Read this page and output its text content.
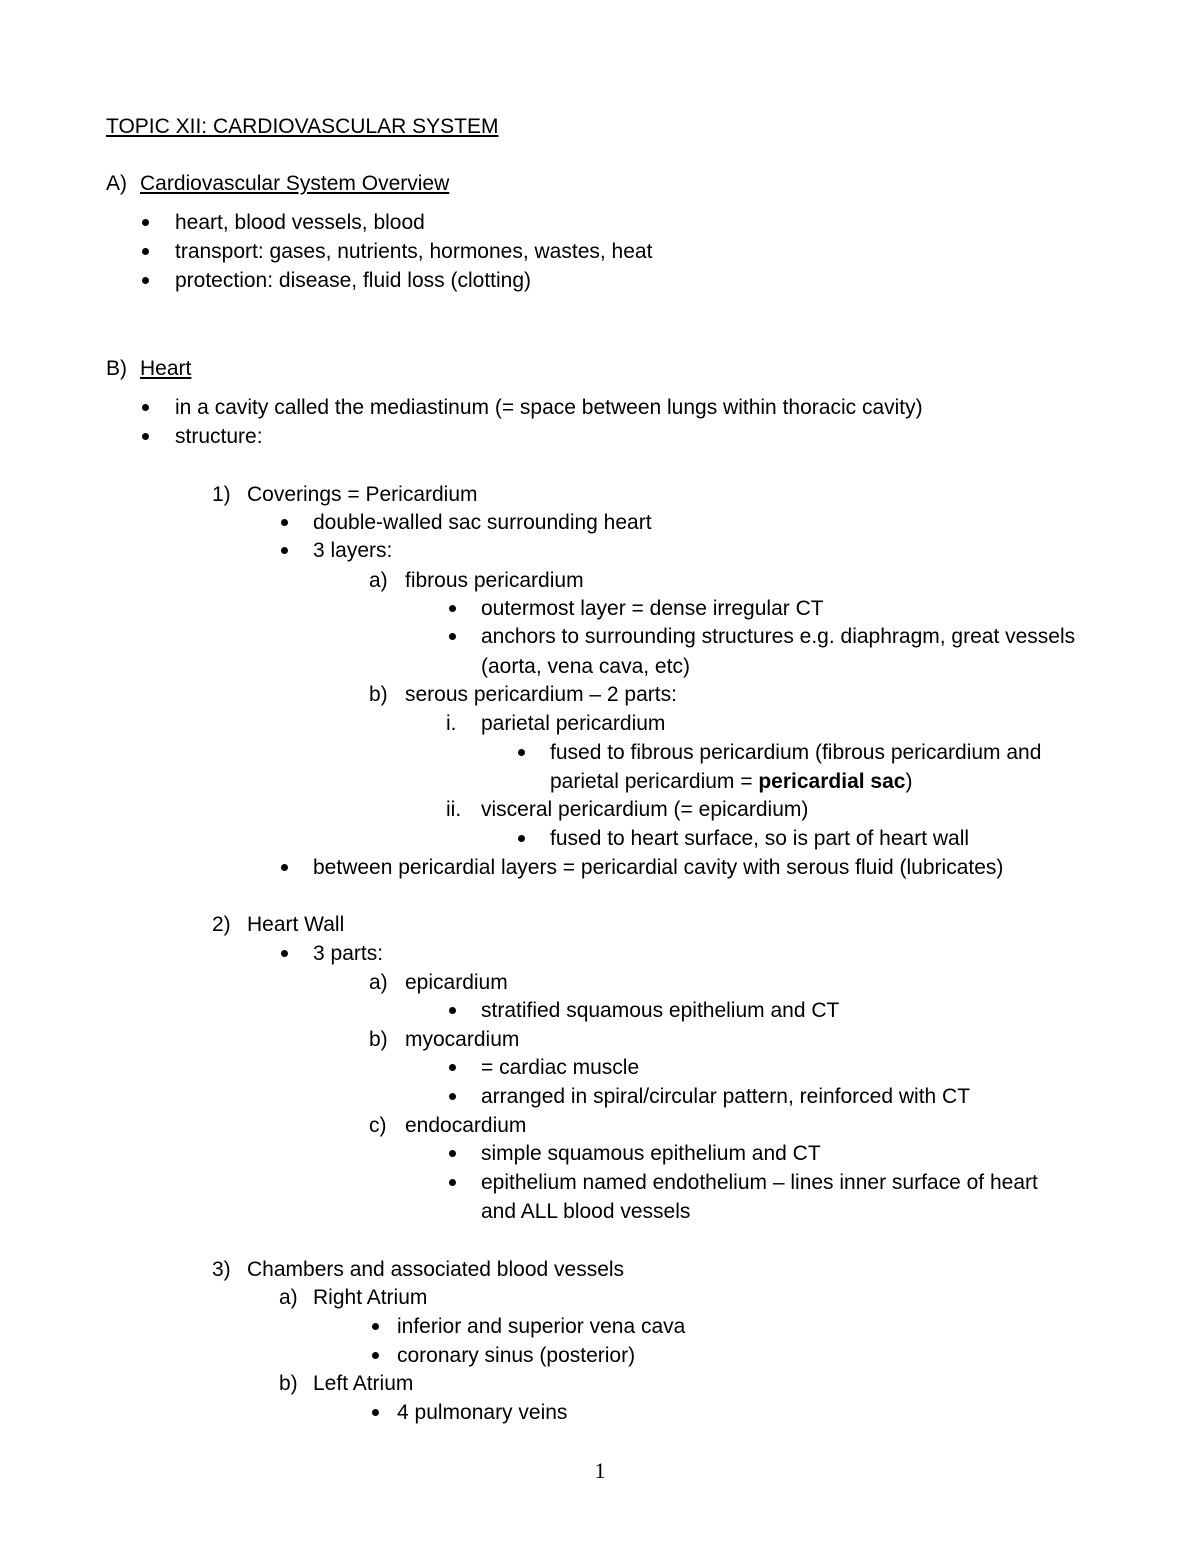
TOPIC XII: CARDIOVASCULAR SYSTEM
A) Cardiovascular System Overview
heart, blood vessels, blood
transport: gases, nutrients, hormones, wastes, heat
protection: disease, fluid loss (clotting)
B) Heart
in a cavity called the mediastinum (= space between lungs within thoracic cavity)
structure:
1) Coverings = Pericardium
double-walled sac surrounding heart
3 layers:
a) fibrous pericardium
outermost layer = dense irregular CT
anchors to surrounding structures e.g. diaphragm, great vessels
(aorta, vena cava, etc)
b) serous pericardium – 2 parts:
i. parietal pericardium
fused to fibrous pericardium (fibrous pericardium and
parietal pericardium = pericardial sac)
ii. visceral pericardium (= epicardium)
fused to heart surface, so is part of heart wall
between pericardial layers = pericardial cavity with serous fluid (lubricates)
2) Heart Wall
3 parts:
a) epicardium
stratified squamous epithelium and CT
b) myocardium
= cardiac muscle
arranged in spiral/circular pattern, reinforced with CT
c) endocardium
simple squamous epithelium and CT
epithelium named endothelium – lines inner surface of heart
and ALL blood vessels
3) Chambers and associated blood vessels
a) Right Atrium
inferior and superior vena cava
coronary sinus (posterior)
b) Left Atrium
4 pulmonary veins
1
